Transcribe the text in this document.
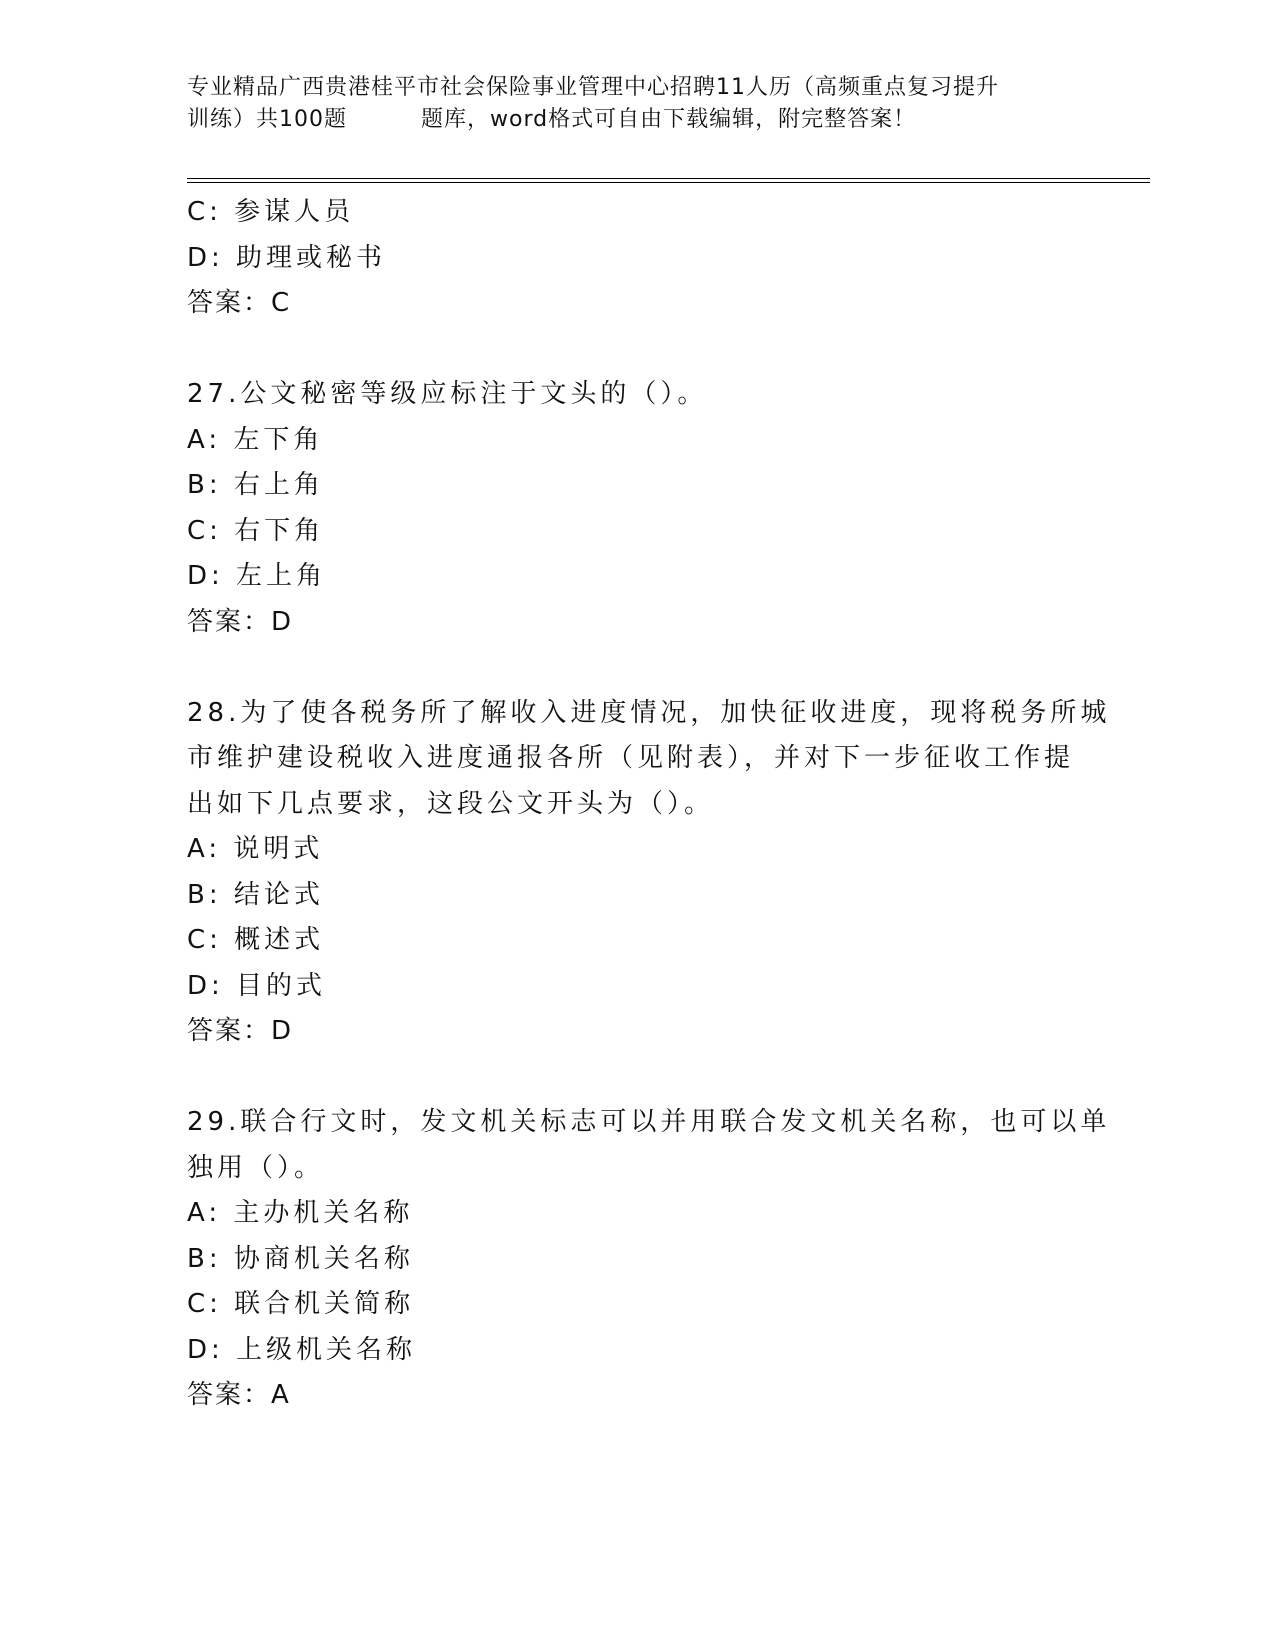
专业精品广西贵港桂平市社会保险事业管理中心招聘11人历（高频重点复习提升
训练）共100题	题库，word格式可自由下载编辑，附完整答案！
C: 参谋人员
D: 助理或秘书
答案：C
27.公文秘密等级应标注于文头的（）。
A: 左下角
B: 右上角
C: 右下角
D: 左上角
答案：D
28.为了使各税务所了解收入进度情况，加快征收进度，现将税务所城
市维护建设税收入进度通报各所（见附表），并对下一步征收工作提
出如下几点要求，这段公文开头为（）。
A: 说明式
B: 结论式
C: 概述式
D: 目的式
答案：D
29.联合行文时，发文机关标志可以并用联合发文机关名称，也可以单
独用（）。
A: 主办机关名称
B: 协商机关名称
C: 联合机关简称
D: 上级机关名称
答案：A
